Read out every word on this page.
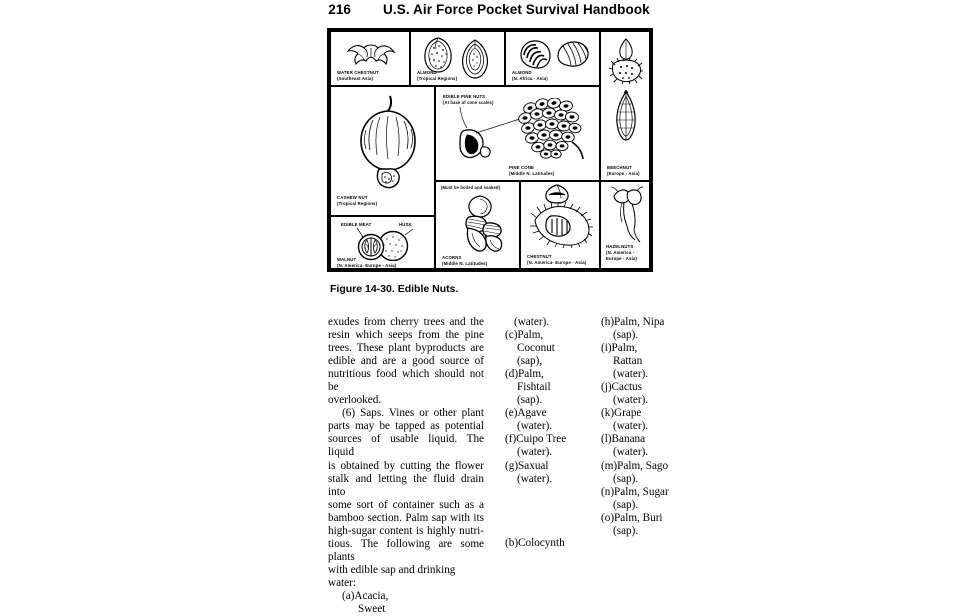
216 U.S. Air Force Pocket Survival Handbook
WATER CHESTNUT
(Southeast Asia)
ALMOND
(Tropical Regions)
ALMOND
(N. Africa - Asia)
BEECHNUT
(Europe - Asia)
CASHEW NUT
(Tropical Regions)
EDIBLE PINE NUTS
(At base of cone scales)
PINE CONE
(Middle N. Latitudes)
(Must be boiled and soaked)
EDIBLE MEAT	HUSK
WALNUT
(N. America- Europe - Asia)
ACORNS
(Middle N. Latitudes)
CHESTNUT
(N. America- Europe - Asia)
HAZELNUTS
(N. America -
Europe - Asia)
Figure 14-30. Edible Nuts.

exudes from cherry trees and the
resin which seeps from the pine
trees. These plant byproducts are
edible and are a good source of
nutritious food which should not be
overlooked.

(6) Saps. Vines or other plant
parts may be tapped as potential
sources of usable liquid. The liquid
is obtained by cutting the flower
stalk and letting the fluid drain into
some sort of container such as a
bamboo section. Palm sap with its
high-sugar content is highly nutri-
tious. The following are some plants
with edible sap and drinking water:

(a)Acacia,
Sweet
(water).
(c)Palm,
Coconut
(sap),
(d)Palm,
Fishtail
(sap).
(e)Agave
(water).
(f)Cuipo Tree
(water).
(g)Saxual
(water).
(b)Colocynth
(h)Palm, Nipa
(sap).
(i)Palm,
Rattan
(water).
(j)Cactus
(water).
(k)Grape
(water).
(l)Banana
(water).
(m)Palm, Sago
(sap).
(n)Palm, Sugar
(sap).
(o)Palm, Buri
(sap).
